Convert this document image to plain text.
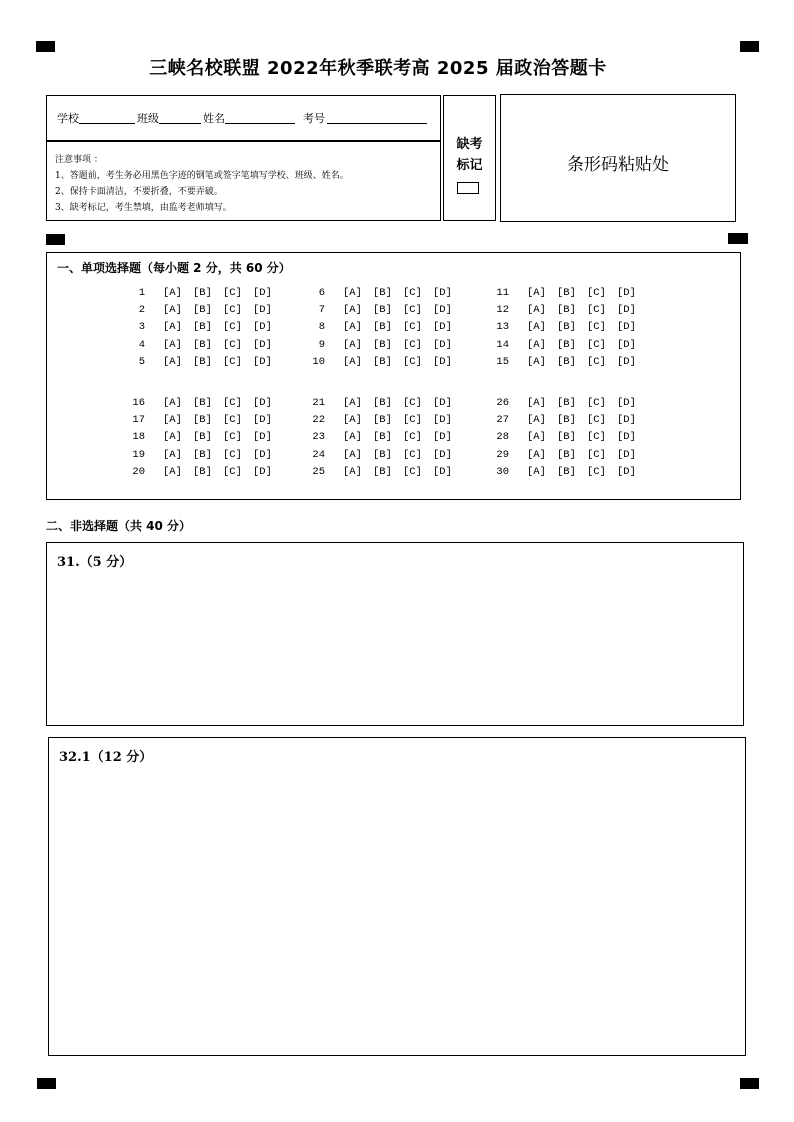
三峡名校联盟 2022年秋季联考高 2025 届政治答题卡
学校	班级	姓名	考号
注意事项 ：
1、答题前，考生务必用黑色字迹的钢笔或签字笔填写学校、班级、姓名。
2、保持卡面清洁，不要折叠，不要弄破。
3、缺考标记，考生禁填，由监考老师填写。
缺考
标记	条形码粘贴处
一、单项选择题（每小题 2 分，共 60 分）
1 [A] [B] [C] [D]
2 [A] [B] [C] [D]
3 [A] [B] [C] [D]
4 [A] [B] [C] [D]
5 [A] [B] [C] [D]
6 [A] [B] [C] [D]
7 [A] [B] [C] [D]
8 [A] [B] [C] [D]
9 [A] [B] [C] [D]
10 [A] [B] [C] [D]
11 [A] [B] [C] [D]
12 [A] [B] [C] [D]
13 [A] [B] [C] [D]
14 [A] [B] [C] [D]
15 [A] [B] [C] [D]
16 [A] [B] [C] [D]
17 [A] [B] [C] [D]
18 [A] [B] [C] [D]
19 [A] [B] [C] [D]
20 [A] [B] [C] [D]
21 [A] [B] [C] [D]
22 [A] [B] [C] [D]
23 [A] [B] [C] [D]
24 [A] [B] [C] [D]
25 [A] [B] [C] [D]
26 [A] [B] [C] [D]
27 [A] [B] [C] [D]
28 [A] [B] [C] [D]
29 [A] [B] [C] [D]
30 [A] [B] [C] [D]
二、非选择题（共 40 分）
31.（5 分）
32.1（12 分）
